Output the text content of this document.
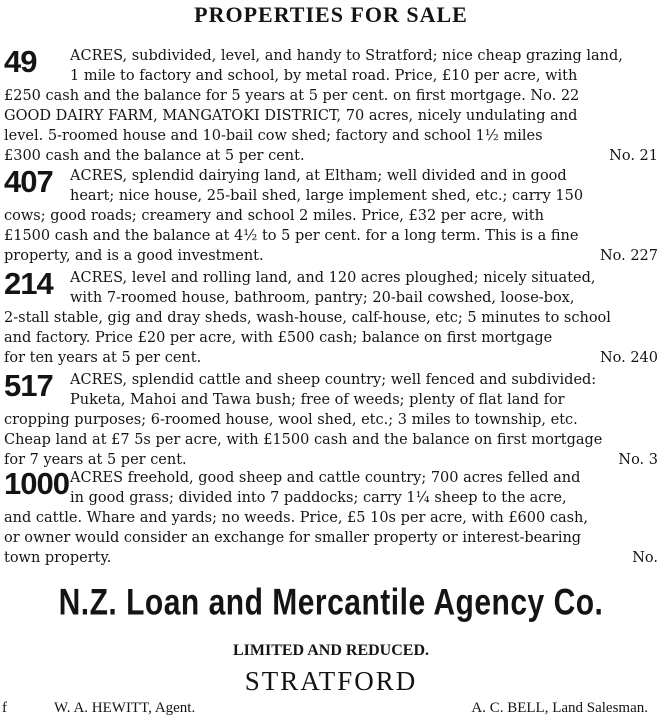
PROPERTIES FOR SALE
49 ACRES, subdivided, level, and handy to Stratford; nice cheap grazing land,
1 mile to factory and school, by metal road. Price, £10 per acre, with
£250 cash and the balance for 5 years at 5 per cent. on first mortgage. No. 22
GOOD DAIRY FARM, MANGATOKI DISTRICT, 70 acres, nicely undulating and
level. 5-roomed house and 10-bail cow shed; factory and school 1½ miles
£300 cash and the balance at 5 per cent.	No. 21
407 ACRES, splendid dairying land, at Eltham; well divided and in good
heart; nice house, 25-bail shed, large implement shed, etc.; carry 150
cows; good roads; creamery and school 2 miles. Price, £32 per acre, with
£1500 cash and the balance at 4½ to 5 per cent. for a long term. This is a fine
property, and is a good investment.	No. 227
214 ACRES, level and rolling land, and 120 acres ploughed; nicely situated,
with 7-roomed house, bathroom, pantry; 20-bail cowshed, loose-box,
2-stall stable, gig and dray sheds, wash-house, calf-house, etc; 5 minutes to school
and factory. Price £20 per acre, with £500 cash; balance on first mortgage
for ten years at 5 per cent.	No. 240
517 ACRES, splendid cattle and sheep country; well fenced and subdivided:
Puketa, Mahoi and Tawa bush; free of weeds; plenty of flat land for
cropping purposes; 6-roomed house, wool shed, etc.; 3 miles to township, etc.
Cheap land at £7 5s per acre, with £1500 cash and the balance on first mortgage
for 7 years at 5 per cent.	No. 3
1000 ACRES freehold, good sheep and cattle country; 700 acres felled and
in good grass; divided into 7 paddocks; carry 1¼ sheep to the acre,
and cattle. Whare and yards; no weeds. Price, £5 10s per acre, with £600 cash,
or owner would consider an exchange for smaller property or interest-bearing
town property.	No.
N.Z. Loan and Mercantile Agency Co.
LIMITED AND REDUCED.
STRATFORD
f	W. A. HEWITT, Agent.	A. C. BELL, Land Salesman.
